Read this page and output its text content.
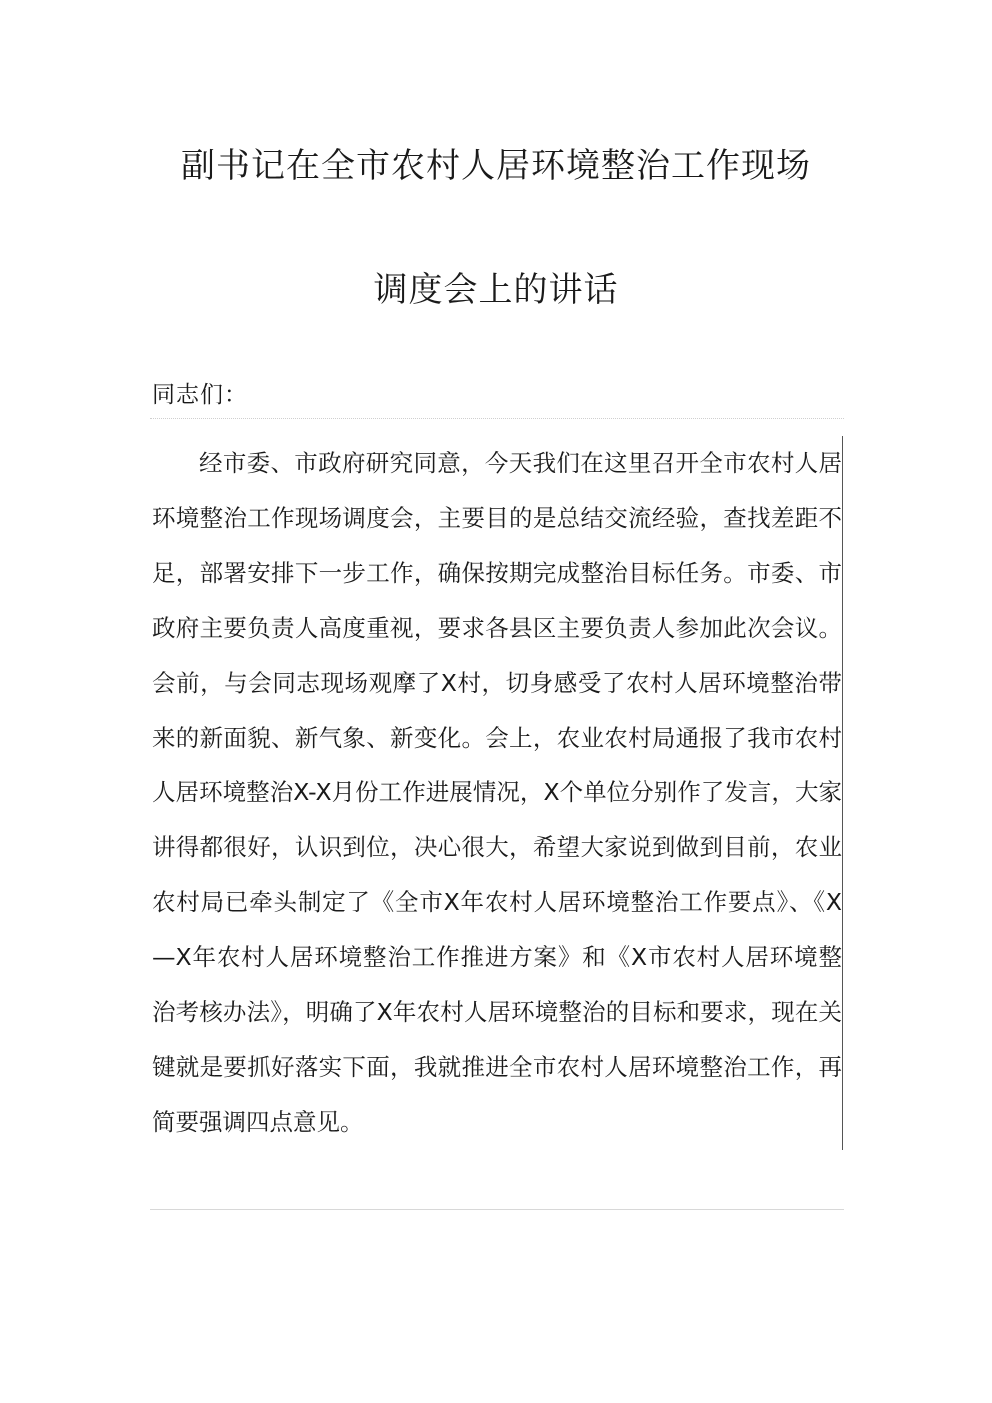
副书记在全市农村人居环境整治工作现场
调度会上的讲话

同志们：

经市委、市政府研究同意，今天我们在这里召开全市农村人居环境整治工作现场调度会，主要目的是总结交流经验，查找差距不足，部署安排下一步工作，确保按期完成整治目标任务。市委、市政府主要负责人高度重视，要求各县区主要负责人参加此次会议。会前，与会同志现场观摩了X村，切身感受了农村人居环境整治带来的新面貌、新气象、新变化。会上，农业农村局通报了我市农村人居环境整治X-X月份工作进展情况，X个单位分别作了发言，大家讲得都很好，认识到位，决心很大，希望大家说到做到目前，农业农村局已牵头制定了《全市X年农村人居环境整治工作要点》、《X—X年农村人居环境整治工作推进方案》和《X市农村人居环境整治考核办法》，明确了X年农村人居环境整治的目标和要求，现在关键就是要抓好落实下面，我就推进全市农村人居环境整治工作，再简要强调四点意见。
